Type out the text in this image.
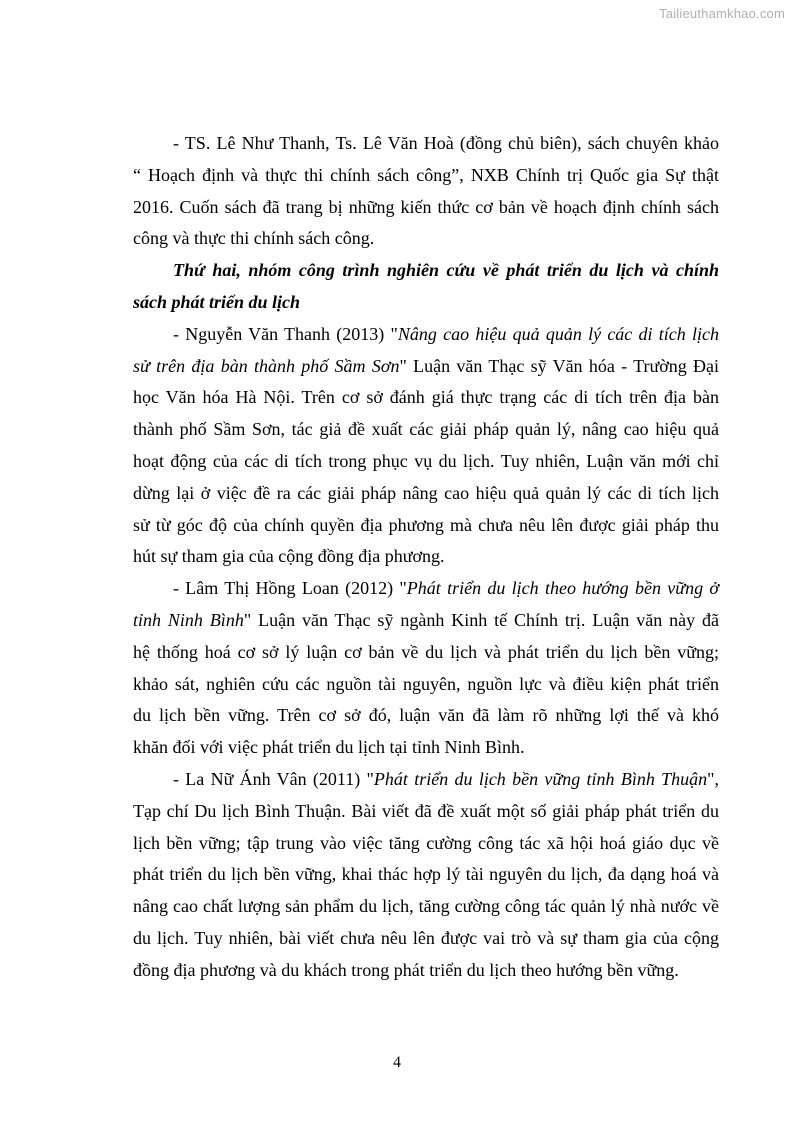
Tailieuthamkhao.com
- TS. Lê Như Thanh, Ts. Lê Văn Hoà (đồng chủ biên), sách chuyên khảo
“ Hoạch định và thực thi chính sách công”, NXB Chính trị Quốc gia Sự thật
2016. Cuốn sách đã trang bị những kiến thức cơ bản về hoạch định chính sách
công và thực thi chính sách công.
Thứ hai, nhóm công trình nghiên cứu về phát triển du lịch và chính
sách phát triển du lịch
- Nguyễn Văn Thanh (2013) "Nâng cao hiệu quả quản lý các di tích lịch
sử trên địa bàn thành phố Sầm Sơn" Luận văn Thạc sỹ Văn hóa - Trường Đại
học Văn hóa Hà Nội. Trên cơ sở đánh giá thực trạng các di tích trên địa bàn
thành phố Sầm Sơn, tác giả đề xuất các giải pháp quản lý, nâng cao hiệu quả
hoạt động của các di tích trong phục vụ du lịch. Tuy nhiên, Luận văn mới chỉ
dừng lại ở việc đề ra các giải pháp nâng cao hiệu quả quản lý các di tích lịch
sử từ góc độ của chính quyền địa phương mà chưa nêu lên được giải pháp thu
hút sự tham gia của cộng đồng địa phương.
- Lâm Thị Hồng Loan (2012) "Phát triển du lịch theo hướng bền vững ở
tỉnh Ninh Bình" Luận văn Thạc sỹ ngành Kinh tế Chính trị. Luận văn này đã
hệ thống hoá cơ sở lý luận cơ bản về du lịch và phát triển du lịch bền vững;
khảo sát, nghiên cứu các nguồn tài nguyên, nguồn lực và điều kiện phát triển
du lịch bền vững. Trên cơ sở đó, luận văn đã làm rõ những lợi thế và khó
khăn đối với việc phát triển du lịch tại tỉnh Ninh Bình.
- La Nữ Ánh Vân (2011) "Phát triển du lịch bền vững tỉnh Bình Thuận",
Tạp chí Du lịch Bình Thuận. Bài viết đã đề xuất một số giải pháp phát triển du
lịch bền vững; tập trung vào việc tăng cường công tác xã hội hoá giáo dục về
phát triển du lịch bền vững, khai thác hợp lý tài nguyên du lịch, đa dạng hoá và
nâng cao chất lượng sản phẩm du lịch, tăng cường công tác quản lý nhà nước về
du lịch. Tuy nhiên, bài viết chưa nêu lên được vai trò và sự tham gia của cộng
đồng địa phương và du khách trong phát triển du lịch theo hướng bền vững.
4
